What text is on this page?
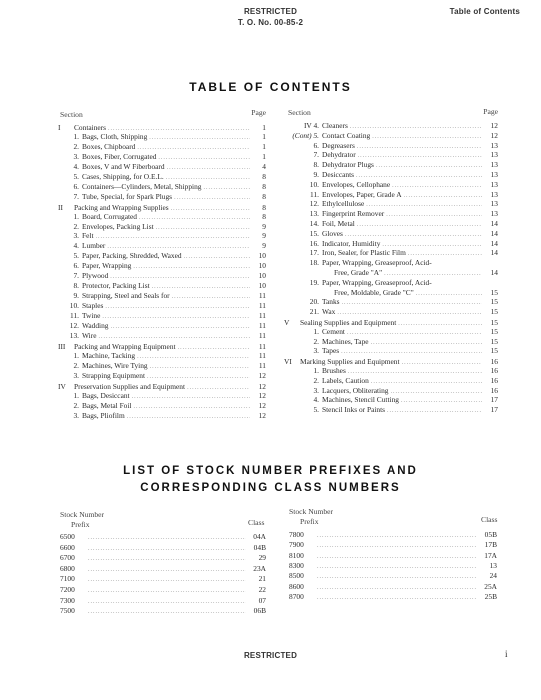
RESTRICTED
T. O. No. 00-85-2
Table of Contents
TABLE OF CONTENTS
Section	Page	Section	Page
I	Containers .....	1
1. Bags, Cloth, Shipping .....	1
2. Boxes, Chipboard .....	1
3. Boxes, Fiber, Corrugated .....	1
4. Boxes, V and W Fiberboard .....	4
5. Cases, Shipping, for O.E.L. .....	8
6. Containers—Cylinders, Metal, Shipping .....	8
7. Tube, Special, for Spark Plugs .....	8
II	Packing and Wrapping Supplies .....	8
1. Board, Corrugated .....	8
2. Envelopes, Packing List .....	9
3. Felt .....	9
4. Lumber .....	9
5. Paper, Packing, Shredded, Waxed .....	10
6. Paper, Wrapping .....	10
7. Plywood .....	10
8. Protector, Packing List .....	10
9. Strapping, Steel and Seals for .....	11
10. Staples .....	11
11. Twine .....	11
12. Wadding .....	11
13. Wire .....	11
III	Packing and Wrapping Equipment .....	11
1. Machine, Tacking .....	11
2. Machines, Wire Tying .....	11
3. Strapping Equipment .....	12
IV	Preservation Supplies and Equipment .....	12
1. Bags, Desiccant .....	12
2. Bags, Metal Foil .....	12
3. Bags, Pliofilm .....	12
IV 4. Cleaners .....	12
(Cont) 5. Contact Coating .....	12
6. Degreasers .....	13
7. Dehydrator .....	13
8. Dehydrator Plugs .....	13
9. Desiccants .....	13
10. Envelopes, Cellophane .....	13
11. Envelopes, Paper, Grade A .....	13
12. Ethylcellulose .....	13
13. Fingerprint Remover .....	13
14. Foil, Metal .....	14
15. Gloves .....	14
16. Indicator, Humidity .....	14
17. Iron, Sealer, for Plastic Film .....	14
18. Paper, Wrapping, Greaseproof, Acid-
Free, Grade "A" .....	14
19. Paper, Wrapping, Greaseproof, Acid-
Free, Moldable, Grade "C" .....	15
20. Tanks .....	15
21. Wax .....	15
V	Sealing Supplies and Equipment .....	15
1. Cement .....	15
2. Machines, Tape .....	15
3. Tapes .....	15
VI	Marking Supplies and Equipment .....	16
1. Brushes .....	16
2. Labels, Caution .....	16
3. Lacquers, Obliterating .....	16
4. Machines, Stencil Cutting .....	17
5. Stencil Inks or Paints .....	17
LIST OF STOCK NUMBER PREFIXES AND
CORRESPONDING CLASS NUMBERS
Stock Number
Prefix	Class
Stock Number
Prefix	Class
6500 .....	04A
6600 .....	04B
6700 .....	29
6800 .....	23A
7100 .....	21
7200 .....	22
7300 .....	07
7500 .....	06B
7800 .....	05B
7900 .....	17B
8100 .....	17A
8300 .....	13
8500 .....	24
8600 .....	25A
8700 .....	25B
RESTRICTED	i
